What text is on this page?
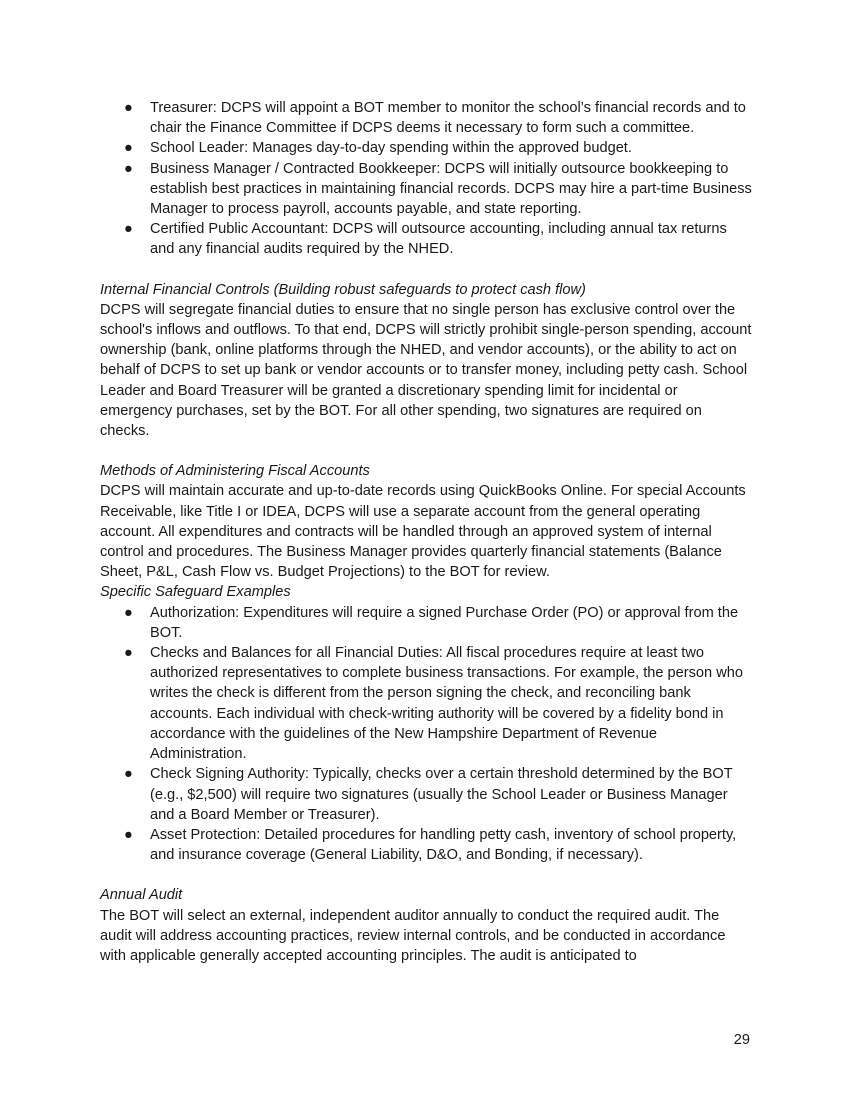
● Treasurer: DCPS will appoint a BOT member to monitor the school’s financial records and to chair the Finance Committee if DCPS deems it necessary to form such a committee.
● School Leader: Manages day-to-day spending within the approved budget.
● Business Manager / Contracted Bookkeeper: DCPS will initially outsource bookkeeping to establish best practices in maintaining financial records. DCPS may hire a part-time Business Manager to process payroll, accounts payable, and state reporting.
● Certified Public Accountant: DCPS will outsource accounting, including annual tax returns and any financial audits required by the NHED.

Internal Financial Controls (Building robust safeguards to protect cash flow)

DCPS will segregate financial duties to ensure that no single person has exclusive control over the school's inflows and outflows. To that end, DCPS will strictly prohibit single-person spending, account ownership (bank, online platforms through the NHED, and vendor accounts), or the ability to act on behalf of DCPS to set up bank or vendor accounts or to transfer money, including petty cash. School Leader and Board Treasurer will be granted a discretionary spending limit for incidental or emergency purchases, set by the BOT. For all other spending, two signatures are required on checks.

Methods of Administering Fiscal Accounts

DCPS will maintain accurate and up-to-date records using QuickBooks Online. For special Accounts Receivable, like Title I or IDEA, DCPS will use a separate account from the general operating account. All expenditures and contracts will be handled through an approved system of internal control and procedures. The Business Manager provides quarterly financial statements (Balance Sheet, P&L, Cash Flow vs. Budget Projections) to the BOT for review.

Specific Safeguard Examples

● Authorization: Expenditures will require a signed Purchase Order (PO) or approval from the BOT.
● Checks and Balances for all Financial Duties: All fiscal procedures require at least two authorized representatives to complete business transactions. For example, the person who writes the check is different from the person signing the check, and reconciling bank accounts. Each individual with check-writing authority will be covered by a fidelity bond in accordance with the guidelines of the New Hampshire Department of Revenue Administration.
● Check Signing Authority: Typically, checks over a certain threshold determined by the BOT (e.g., $2,500) will require two signatures (usually the School Leader or Business Manager and a Board Member or Treasurer).
● Asset Protection: Detailed procedures for handling petty cash, inventory of school property, and insurance coverage (General Liability, D&O, and Bonding, if necessary).

Annual Audit

The BOT will select an external, independent auditor annually to conduct the required audit. The audit will address accounting practices, review internal controls, and be conducted in accordance with applicable generally accepted accounting principles. The audit is anticipated to

29
